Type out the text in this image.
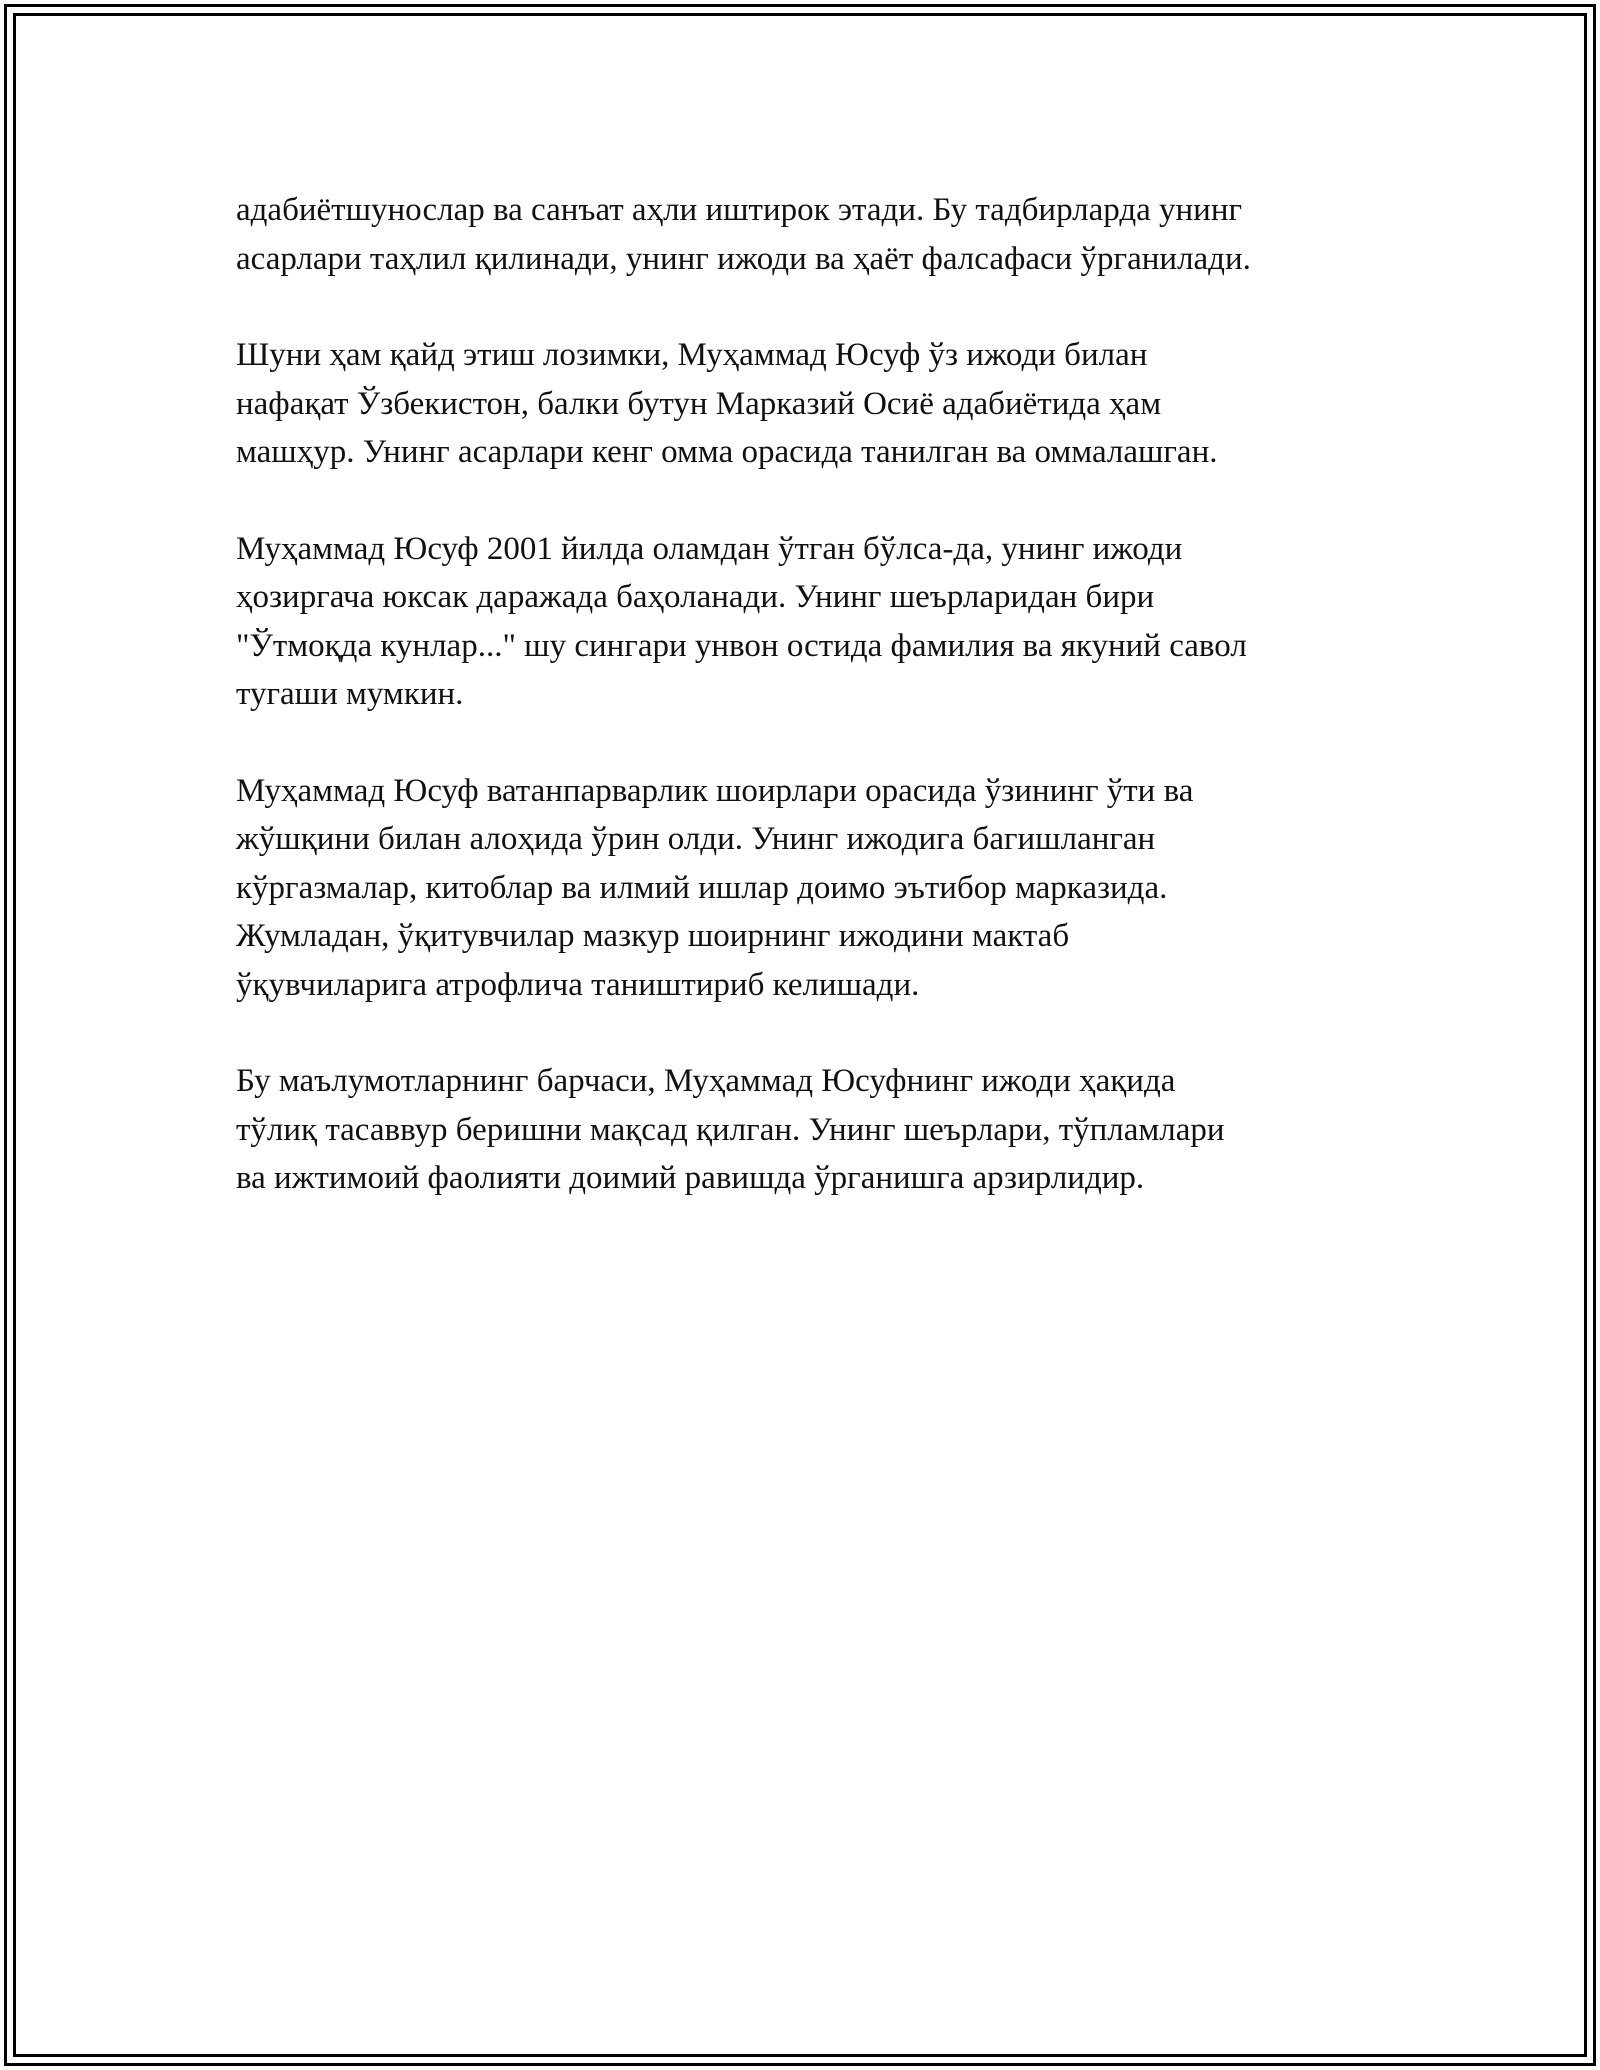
адабиётшунослар ва санъат аҳли иштирок этади. Бу тадбирларда унинг
асарлари таҳлил қилинади, унинг ижоди ва ҳаёт фалсафаси ўрганилади.

Шуни ҳам қайд этиш лозимки, Муҳаммад Юсуф ўз ижоди билан
нафақат Ўзбекистон, балки бутун Марказий Осиё адабиётида ҳам
машҳур. Унинг асарлари кенг омма орасида танилган ва оммалашган.

Муҳаммад Юсуф 2001 йилда оламдан ўтган бўлса-да, унинг ижоди
ҳозиргача юксак даражада баҳоланади. Унинг шеърларидан бири
"Ўтмоқда кунлар..." шу сингари унвон остида фамилия ва якуний савол
тугаши мумкин.

Муҳаммад Юсуф ватанпарварлик шоирлари орасида ўзининг ўти ва
жўшқини билан алоҳида ўрин олди. Унинг ижодига багишланган
кўргазмалар, китоблар ва илмий ишлар доимо эътибор марказида.
Жумладан, ўқитувчилар мазкур шоирнинг ижодини мактаб
ўқувчиларига атрофлича таништириб келишади.

Бу маълумотларнинг барчаси, Муҳаммад Юсуфнинг ижоди ҳақида
тўлиқ тасаввур беришни мақсад қилган. Унинг шеърлари, тўпламлари
ва ижтимоий фаолияти доимий равишда ўрганишга арзирлидир.
